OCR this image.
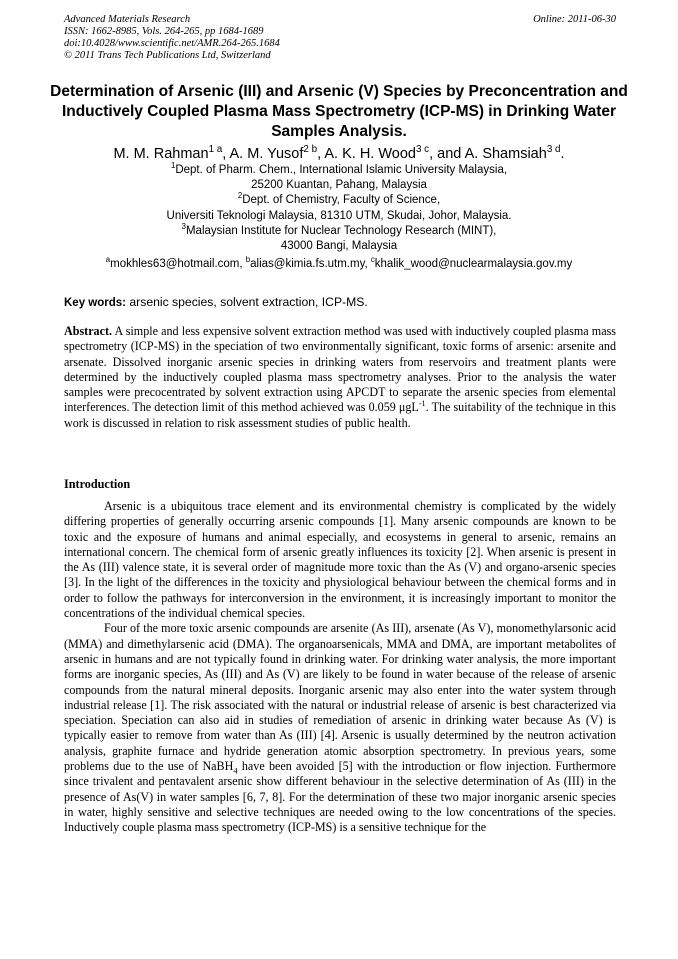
Advanced Materials Research
ISSN: 1662-8985, Vols. 264-265, pp 1684-1689
doi:10.4028/www.scientific.net/AMR.264-265.1684
© 2011 Trans Tech Publications Ltd, Switzerland
Online: 2011-06-30
Determination of Arsenic (III) and Arsenic (V) Species by Preconcentration and Inductively Coupled Plasma Mass Spectrometry (ICP-MS) in Drinking Water Samples Analysis.
M. M. Rahman$^{1 a}$, A. M. Yusof$^{2 b}$, A. K. H. Wood$^{3 c}$, and A. Shamsiah$^{3 d}$.
$^1$Dept. of Pharm. Chem., International Islamic University Malaysia,
25200 Kuantan, Pahang, Malaysia
$^2$Dept. of Chemistry, Faculty of Science,
Universiti Teknologi Malaysia, 81310 UTM, Skudai, Johor, Malaysia.
$^3$Malaysian Institute for Nuclear Technology Research (MINT),
43000 Bangi, Malaysia
$^a$mokhles63@hotmail.com, $^b$alias@kimia.fs.utm.my, $^c$khalik_wood@nuclearmalaysia.gov.my
Key words: arsenic species, solvent extraction, ICP-MS.
Abstract. A simple and less expensive solvent extraction method was used with inductively coupled plasma mass spectrometry (ICP-MS) in the speciation of two environmentally significant, toxic forms of arsenic: arsenite and arsenate. Dissolved inorganic arsenic species in drinking waters from reservoirs and treatment plants were determined by the inductively coupled plasma mass spectrometry analyses. Prior to the analysis the water samples were precocentrated by solvent extraction using APCDT to separate the arsenic species from elemental interferences. The detection limit of this method achieved was 0.059 μgL$^{-1}$. The suitability of the technique in this work is discussed in relation to risk assessment studies of public health.
Introduction

Arsenic is a ubiquitous trace element and its environmental chemistry is complicated by the widely differing properties of generally occurring arsenic compounds [1]. Many arsenic compounds are known to be toxic and the exposure of humans and animal especially, and ecosystems in general to arsenic, remains an international concern. The chemical form of arsenic greatly influences its toxicity [2]. When arsenic is present in the As (III) valence state, it is several order of magnitude more toxic than the As (V) and organo-arsenic species [3]. In the light of the differences in the toxicity and physiological behaviour between the chemical forms and in order to follow the pathways for interconversion in the environment, it is increasingly important to monitor the concentrations of the individual chemical species.

Four of the more toxic arsenic compounds are arsenite (As III), arsenate (As V), monomethylarsonic acid (MMA) and dimethylarsenic acid (DMA). The organoarsenicals, MMA and DMA, are important metabolites of arsenic in humans and are not typically found in drinking water. For drinking water analysis, the more important forms are inorganic species, As (III) and As (V) are likely to be found in water because of the release of arsenic compounds from the natural mineral deposits. Inorganic arsenic may also enter into the water system through industrial release [1]. The risk associated with the natural or industrial release of arsenic is best characterized via speciation. Speciation can also aid in studies of remediation of arsenic in drinking water because As (V) is typically easier to remove from water than As (III) [4]. Arsenic is usually determined by the neutron activation analysis, graphite furnace and hydride generation atomic absorption spectrometry. In previous years, some problems due to the use of NaBH$_4$ have been avoided [5] with the introduction or flow injection. Furthermore since trivalent and pentavalent arsenic show different behaviour in the selective determination of As (III) in the presence of As(V) in water samples [6, 7, 8]. For the determination of these two major inorganic arsenic species in water, highly sensitive and selective techniques are needed owing to the low concentrations of the species. Inductively couple plasma mass spectrometry (ICP-MS) is a sensitive technique for the
